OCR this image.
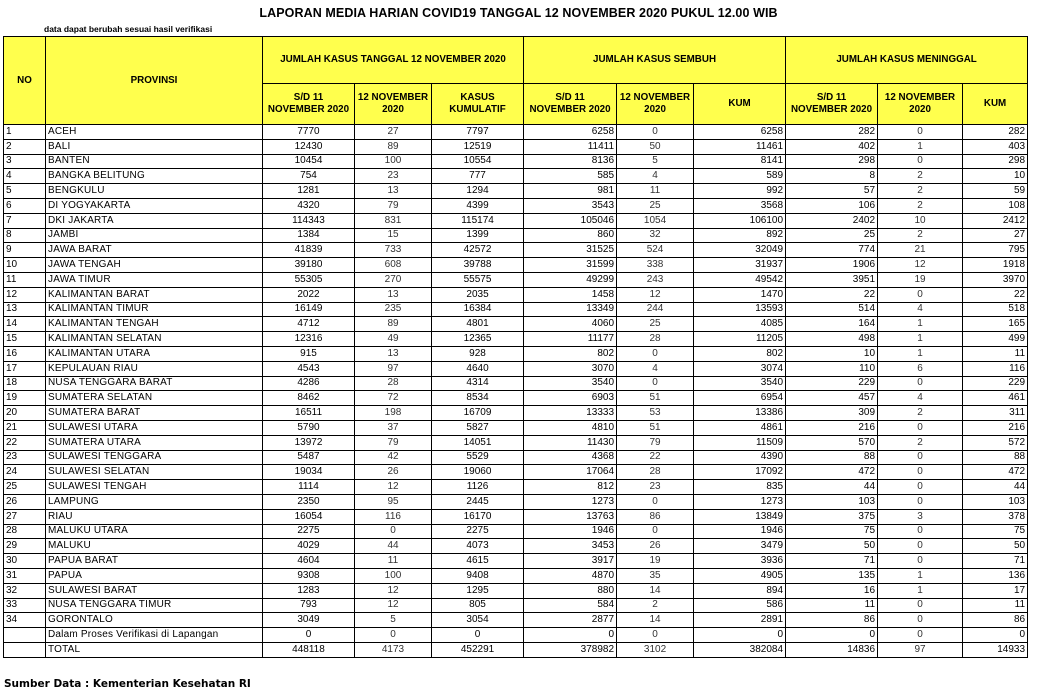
LAPORAN MEDIA HARIAN COVID19 TANGGAL 12 NOVEMBER 2020 PUKUL 12.00 WIB
data dapat berubah sesuai hasil verifikasi
NO	PROVINSI	JUMLAH KASUS TANGGAL 12 NOVEMBER 2020			JUMLAH KASUS SEMBUH			JUMLAH KASUS MENINGGAL		
		S/D 11 NOVEMBER 2020	12 NOVEMBER 2020	KASUS KUMULATIF	S/D 11 NOVEMBER 2020	12 NOVEMBER 2020	KUM	S/D 11 NOVEMBER 2020	12 NOVEMBER 2020	KUM
1	ACEH	7770	27	7797	6258	0	6258	282	0	282
2	BALI	12430	89	12519	11411	50	11461	402	1	403
3	BANTEN	10454	100	10554	8136	5	8141	298	0	298
4	BANGKA BELITUNG	754	23	777	585	4	589	8	2	10
5	BENGKULU	1281	13	1294	981	11	992	57	2	59
6	DI YOGYAKARTA	4320	79	4399	3543	25	3568	106	2	108
7	DKI JAKARTA	114343	831	115174	105046	1054	106100	2402	10	2412
8	JAMBI	1384	15	1399	860	32	892	25	2	27
9	JAWA BARAT	41839	733	42572	31525	524	32049	774	21	795
10	JAWA TENGAH	39180	608	39788	31599	338	31937	1906	12	1918
11	JAWA TIMUR	55305	270	55575	49299	243	49542	3951	19	3970
12	KALIMANTAN BARAT	2022	13	2035	1458	12	1470	22	0	22
13	KALIMANTAN TIMUR	16149	235	16384	13349	244	13593	514	4	518
14	KALIMANTAN TENGAH	4712	89	4801	4060	25	4085	164	1	165
15	KALIMANTAN SELATAN	12316	49	12365	11177	28	11205	498	1	499
16	KALIMANTAN UTARA	915	13	928	802	0	802	10	1	11
17	KEPULAUAN RIAU	4543	97	4640	3070	4	3074	110	6	116
18	NUSA TENGGARA BARAT	4286	28	4314	3540	0	3540	229	0	229
19	SUMATERA SELATAN	8462	72	8534	6903	51	6954	457	4	461
20	SUMATERA BARAT	16511	198	16709	13333	53	13386	309	2	311
21	SULAWESI UTARA	5790	37	5827	4810	51	4861	216	0	216
22	SUMATERA UTARA	13972	79	14051	11430	79	11509	570	2	572
23	SULAWESI TENGGARA	5487	42	5529	4368	22	4390	88	0	88
24	SULAWESI SELATAN	19034	26	19060	17064	28	17092	472	0	472
25	SULAWESI TENGAH	1114	12	1126	812	23	835	44	0	44
26	LAMPUNG	2350	95	2445	1273	0	1273	103	0	103
27	RIAU	16054	116	16170	13763	86	13849	375	3	378
28	MALUKU UTARA	2275	0	2275	1946	0	1946	75	0	75
29	MALUKU	4029	44	4073	3453	26	3479	50	0	50
30	PAPUA BARAT	4604	11	4615	3917	19	3936	71	0	71
31	PAPUA	9308	100	9408	4870	35	4905	135	1	136
32	SULAWESI BARAT	1283	12	1295	880	14	894	16	1	17
33	NUSA TENGGARA TIMUR	793	12	805	584	2	586	11	0	11
34	GORONTALO	3049	5	3054	2877	14	2891	86	0	86
	Dalam Proses Verifikasi di Lapangan	0	0	0	0	0	0	0	0	0
	TOTAL	448118	4173	452291	378982	3102	382084	14836	97	14933
Sumber Data : Kementerian Kesehatan RI
